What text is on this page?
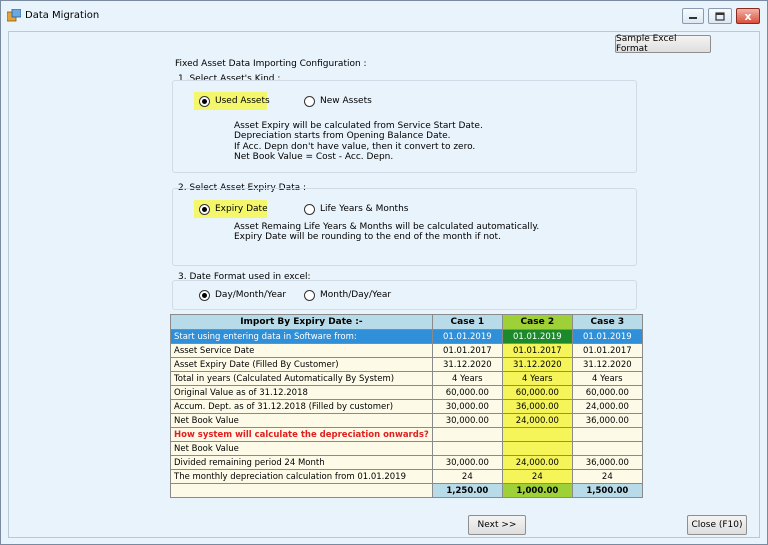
Data Migration	x
Sample Excel Format
Fixed Asset Data Importing Configuration :
1 .Select Asset's Kind :
Used Assets	New Assets
Asset Expiry will be calculated from Service Start Date.
Depreciation starts from Opening Balance Date.
If Acc. Depn don't have value, then it convert to zero.
Net Book Value = Cost - Acc. Depn.
2. Select Asset Expiry Data :
Expiry Date	Life Years & Months
Asset Remaing Life Years & Months will be calculated automatically.
Expiry Date will be rounding to the end of the month if not.
3. Date Format used in excel:
Day/Month/Year	Month/Day/Year
Import By Expiry Date :-	Case 1	Case 2	Case 3
Start using entering data in Software from:	01.01.2019	01.01.2019	01.01.2019
Asset Service Date	01.01.2017	01.01.2017	01.01.2017
Asset Expiry Date (Filled By Customer)	31.12.2020	31.12.2020	31.12.2020
Total in years (Calculated Automatically By System)	4 Years	4 Years	4 Years
Original Value as of 31.12.2018	60,000.00	60,000.00	60,000.00
Accum. Dept. as of 31.12.2018 (Filled by customer)	30,000.00	36,000.00	24,000.00
Net Book Value	30,000.00	24,000.00	36,000.00
How system will calculate the depreciation onwards?			
Net Book Value			
Divided remaining period 24 Month	30,000.00	24,000.00	36,000.00
The monthly depreciation calculation from 01.01.2019	24	24	24
	1,250.00	1,000.00	1,500.00
Next >>	Close (F10)
